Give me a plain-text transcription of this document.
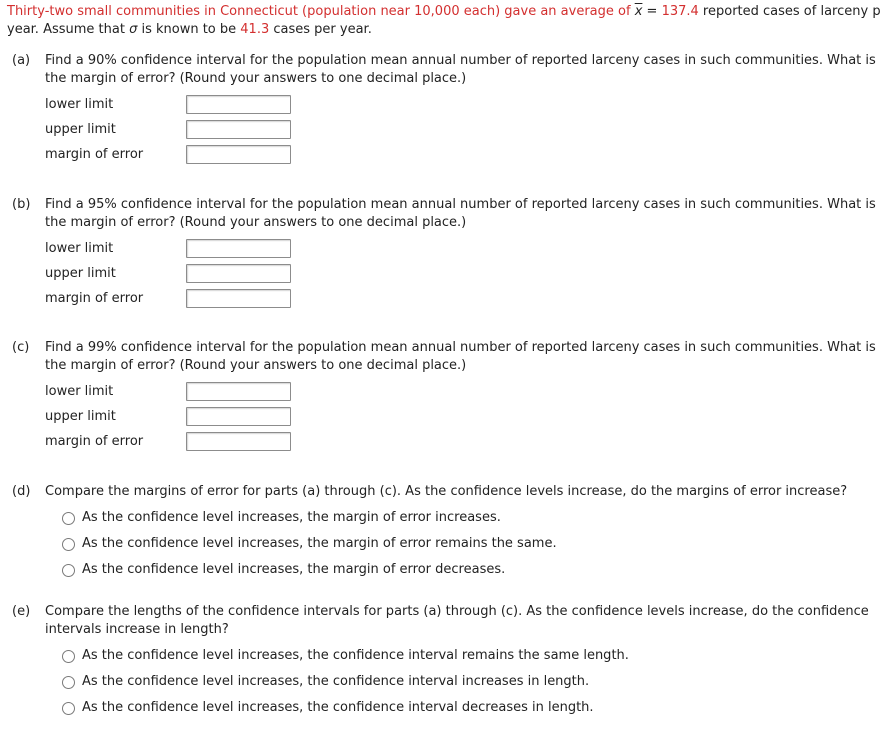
Thirty-two small communities in Connecticut (population near 10,000 each) gave an average of $\overline{x} = 137.4$ reported cases of larceny p
year. Assume that σ is known to be 41.3 cases per year.
(a) Find a 90% confidence interval for the population mean annual number of reported larceny cases in such communities. What is
the margin of error? (Round your answers to one decimal place.)
lower limit
upper limit
margin of error
(b) Find a 95% confidence interval for the population mean annual number of reported larceny cases in such communities. What is
the margin of error? (Round your answers to one decimal place.)
lower limit
upper limit
margin of error
(c) Find a 99% confidence interval for the population mean annual number of reported larceny cases in such communities. What is
the margin of error? (Round your answers to one decimal place.)
lower limit
upper limit
margin of error
(d) Compare the margins of error for parts (a) through (c). As the confidence levels increase, do the margins of error increase?
As the confidence level increases, the margin of error increases.
As the confidence level increases, the margin of error remains the same.
As the confidence level increases, the margin of error decreases.
(e) Compare the lengths of the confidence intervals for parts (a) through (c). As the confidence levels increase, do the confidence
intervals increase in length?
As the confidence level increases, the confidence interval remains the same length.
As the confidence level increases, the confidence interval increases in length.
As the confidence level increases, the confidence interval decreases in length.
